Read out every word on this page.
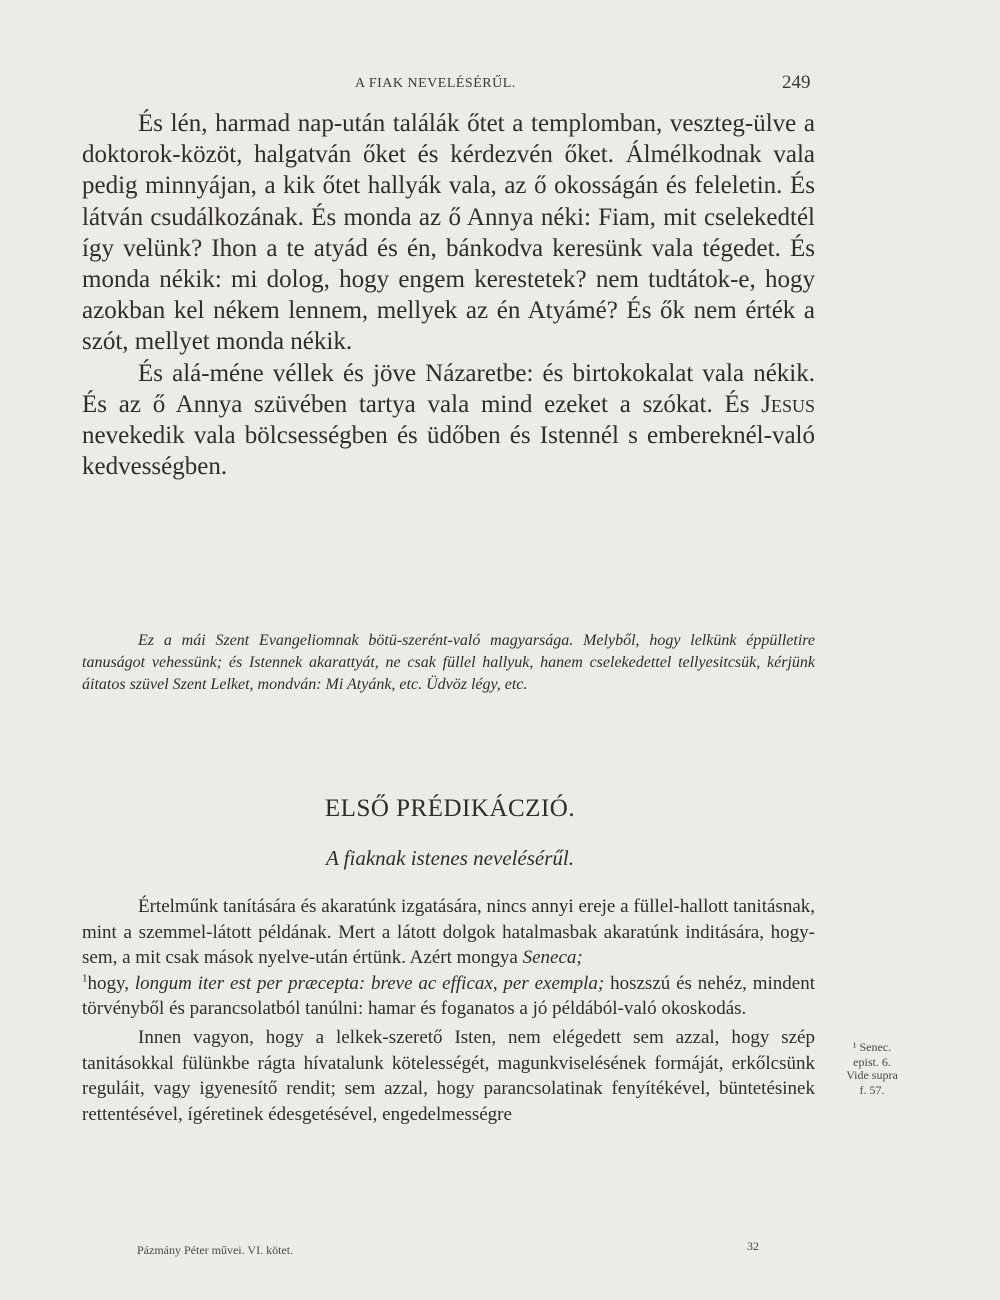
A FIAK NEVELÉSÉRŰL.	249

És lén, harmad nap-után találák őtet a templomban, veszteg-ülve a doktorok-közöt, halgatván őket és kérdezvén őket. Álmélkodnak vala pedig minnyájan, a kik őtet hallyák vala, az ő okosságán és feleletin. És látván csudálkozának. És monda az ő Annya néki: Fiam, mit cselekedtél így velünk? Ihon a te atyád és én, bánkodva keresünk vala tégedet. És monda nékik: mi dolog, hogy engem kerestetek? nem tudtátok-e, hogy azokban kel nékem lennem, mellyek az én Atyámé? És ők nem érték a szót, mellyet monda nékik.

És alá-méne véllek és jöve Názaretbe: és birtokokalat vala nékik. És az ő Annya szüvében tartya vala mind ezeket a szókat. És Jesus nevekedik vala bölcsességben és üdőben és Istennél s embereknél-való kedvességben.

Ez a mái Szent Evangeliomnak bötü-szerént-való magyarsága. Melyből, hogy lelkünk éppülletire tanuságot vehessünk; és Istennek akarattyát, ne csak füllel hallyuk, hanem cselekedettel tellyesitcsük, kérjünk áitatos szüvel Szent Lelket, mondván: Mi Atyánk, etc. Üdvöz légy, etc.

ELSŐ PRÉDIKÁCZIÓ.
A fiaknak istenes nevelésérűl.

Értelműnk tanítására és akaratúnk izgatására, nincs annyi ereje a füllel-hallott tanitásnak, mint a szemmel-látott példának. Mert a látott dolgok hatalmasbak akaratúnk inditására, hogy-sem, a mit csak mások nyelve-után értünk. Azért mongya Seneca;
$^1$hogy, longum iter est per præcepta: breve ac efficax, per exempla; hoszszú és nehéz, mindent törvényből és parancsolatból tanúlni: hamar és foganatos a jó példából-való okoskodás.

Innen vagyon, hogy a lelkek-szerető Isten, nem elégedett sem azzal, hogy szép tanitásokkal fülünkbe rágta hívatalunk kötelességét, magunkviselésének formáját, erkőlcsünk reguláit, vagy igyenesítő rendit; sem azzal, hogy parancsolatinak fenyítékével, büntetésinek rettentésével, ígéretinek édesgetésével, engedelmességre

¹ Senec.
epist. 6.
Vide supra
f. 57.
Pázmány Péter művei. VI. kötet.	32
